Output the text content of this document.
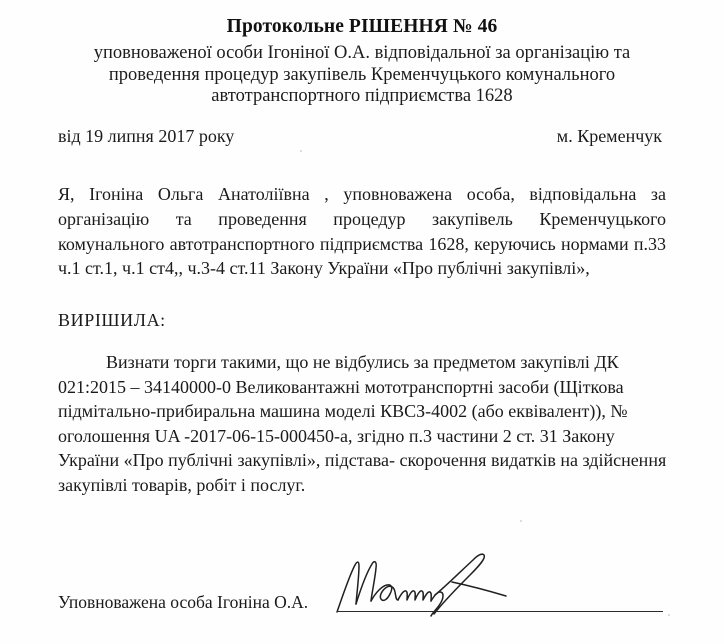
Протокольне РІШЕННЯ № 46
уповноваженої особи Ігоніної О.А. відповідальної за організацію та
проведення процедур закупівель Кременчуцького комунального
автотранспортного підприємства 1628
від 19 липня 2017 року	м. Кременчук
Я, Ігоніна Ольга Анатоліївна , уповноважена особа, відповідальна за організацію та проведення процедур закупівель Кременчуцького комунального автотранспортного підприємства 1628, керуючись нормами п.33 ч.1 ст.1, ч.1 ст4,, ч.3-4 ст.11 Закону України «Про публічні закупівлі»,
ВИРІШИЛА:
Визнати торги такими, що не відбулись за предметом закупівлі ДК 021:2015 – 34140000-0 Великовантажні мототранспортні засоби (Щіткова підмітально-прибиральна машина моделі КВСЗ-4002 (або еквівалент)), № оголошення UA -2017-06-15-000450-а, згідно п.3 частини 2 ст. 31 Закону України «Про публічні закупівлі», підстава- скорочення видатків на здійснення закупівлі товарів, робіт і послуг.
Уповноважена особа Ігоніна О.А.
